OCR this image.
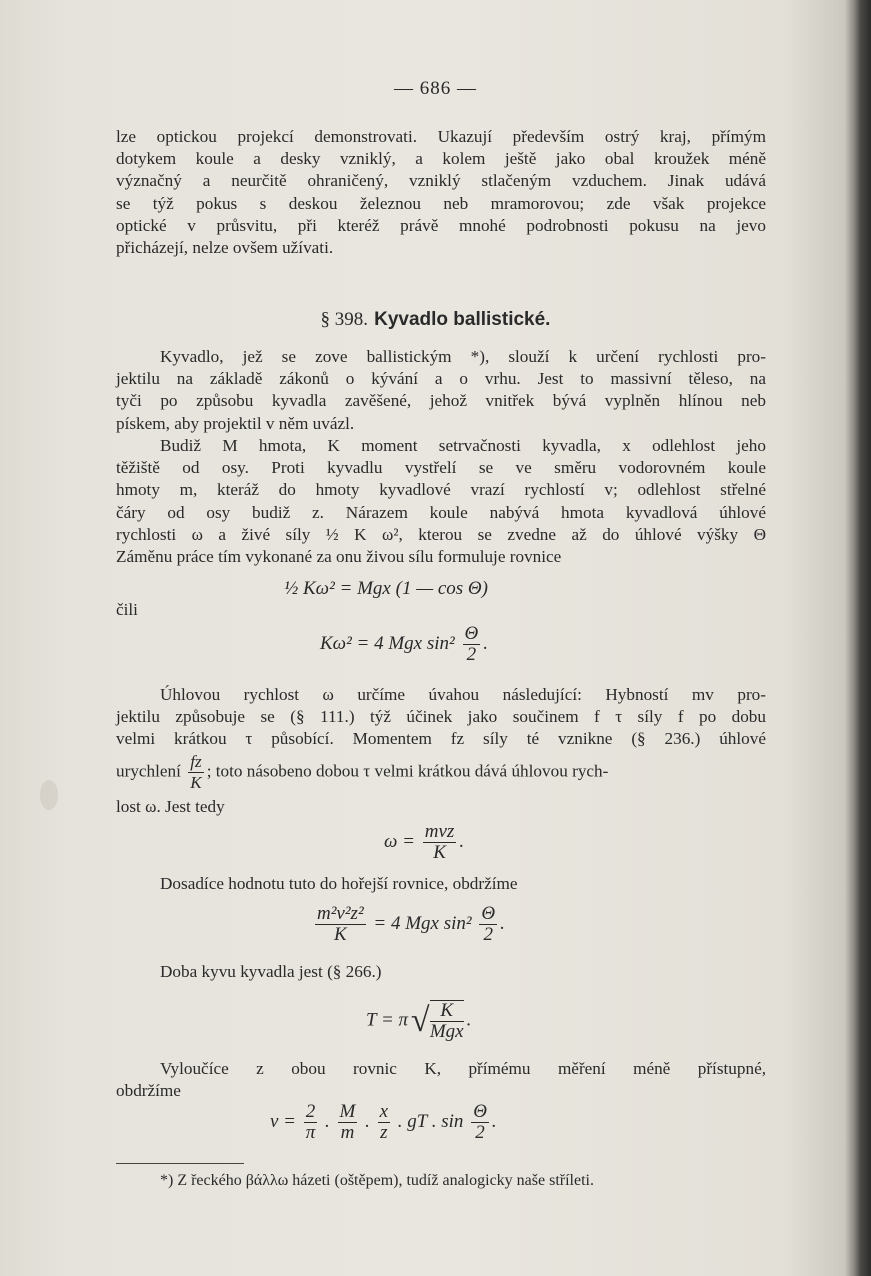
— 686 —

lze optickou projekcí demonstrovati. Ukazují především ostrý kraj, přímým
dotykem koule a desky vzniklý, a kolem ještě jako obal kroužek méně
význačný a neurčitě ohraničený, vzniklý stlačeným vzduchem. Jinak udává
se týž pokus s deskou železnou neb mramorovou; zde však projekce
optické v průsvitu, při kteréž právě mnohé podrobnosti pokusu na jevo
přicházejí, nelze ovšem užívati.

§ 398. Kyvadlo ballistické.

Kyvadlo, jež se zove ballistickým *), slouží k určení rychlosti pro-
jektilu na základě zákonů o kývání a o vrhu. Jest to massivní těleso, na
tyči po způsobu kyvadla zavěšené, jehož vnitřek bývá vyplněn hlínou neb
pískem, aby projektil v něm uvázl.

Budiž M hmota, K moment setrvačnosti kyvadla, x odlehlost jeho
těžiště od osy. Proti kyvadlu vystřelí se ve směru vodorovném koule
hmoty m, kteráž do hmoty kyvadlové vrazí rychlostí v; odlehlost střelné
čáry od osy budiž z. Nárazem koule nabývá hmota kyvadlová úhlové
rychlosti ω a živé síly ½ K ω², kterou se zvedne až do úhlové výšky Θ
Záměnu práce tím vykonané za onu živou sílu formuluje rovnice

½ Kω² = Mgx (1 — cos Θ)
čili
Kω² = 4 Mgx $\sin^2 \frac{\Theta}{2}$ .

Úhlovou rychlost ω určíme úvahou následující: Hybností mv pro-
jektilu způsobuje se (§ 111.) týž účinek jako součinem f τ síly f po dobu
velmi krátkou τ působící. Momentem fz síly té vznikne (§ 236.) úhlové

urychlení $\frac{fz}{K}$ ; toto násobeno dobou τ velmi krátkou dává úhlovou rych-
lost ω. Jest tedy
$\omega = \frac{\text{mvz}}{K}$ .
Dosadíce hodnotu tuto do hořejší rovnice, obdržíme
$\frac{\text{m²v²z²}}{K} = 4$ Mgx $\sin^2 \frac{\Theta}{2}$ .
Doba kyvu kyvadla jest (§ 266.)
T = π
√ $\frac{K}{\text{Mgx}}$ .

Vyloučíce z obou rovnic K, přímému měření méně přístupné,
obdržíme

$v = \frac{2}{\pi}$ . $\frac{M}{m}$ . $\frac{x}{z}$ . gT . $\sin \frac{\Theta}{2}$ .
*) Z řeckého βάλλω házeti (oštěpem), tudíž analogicky naše stříleti.
